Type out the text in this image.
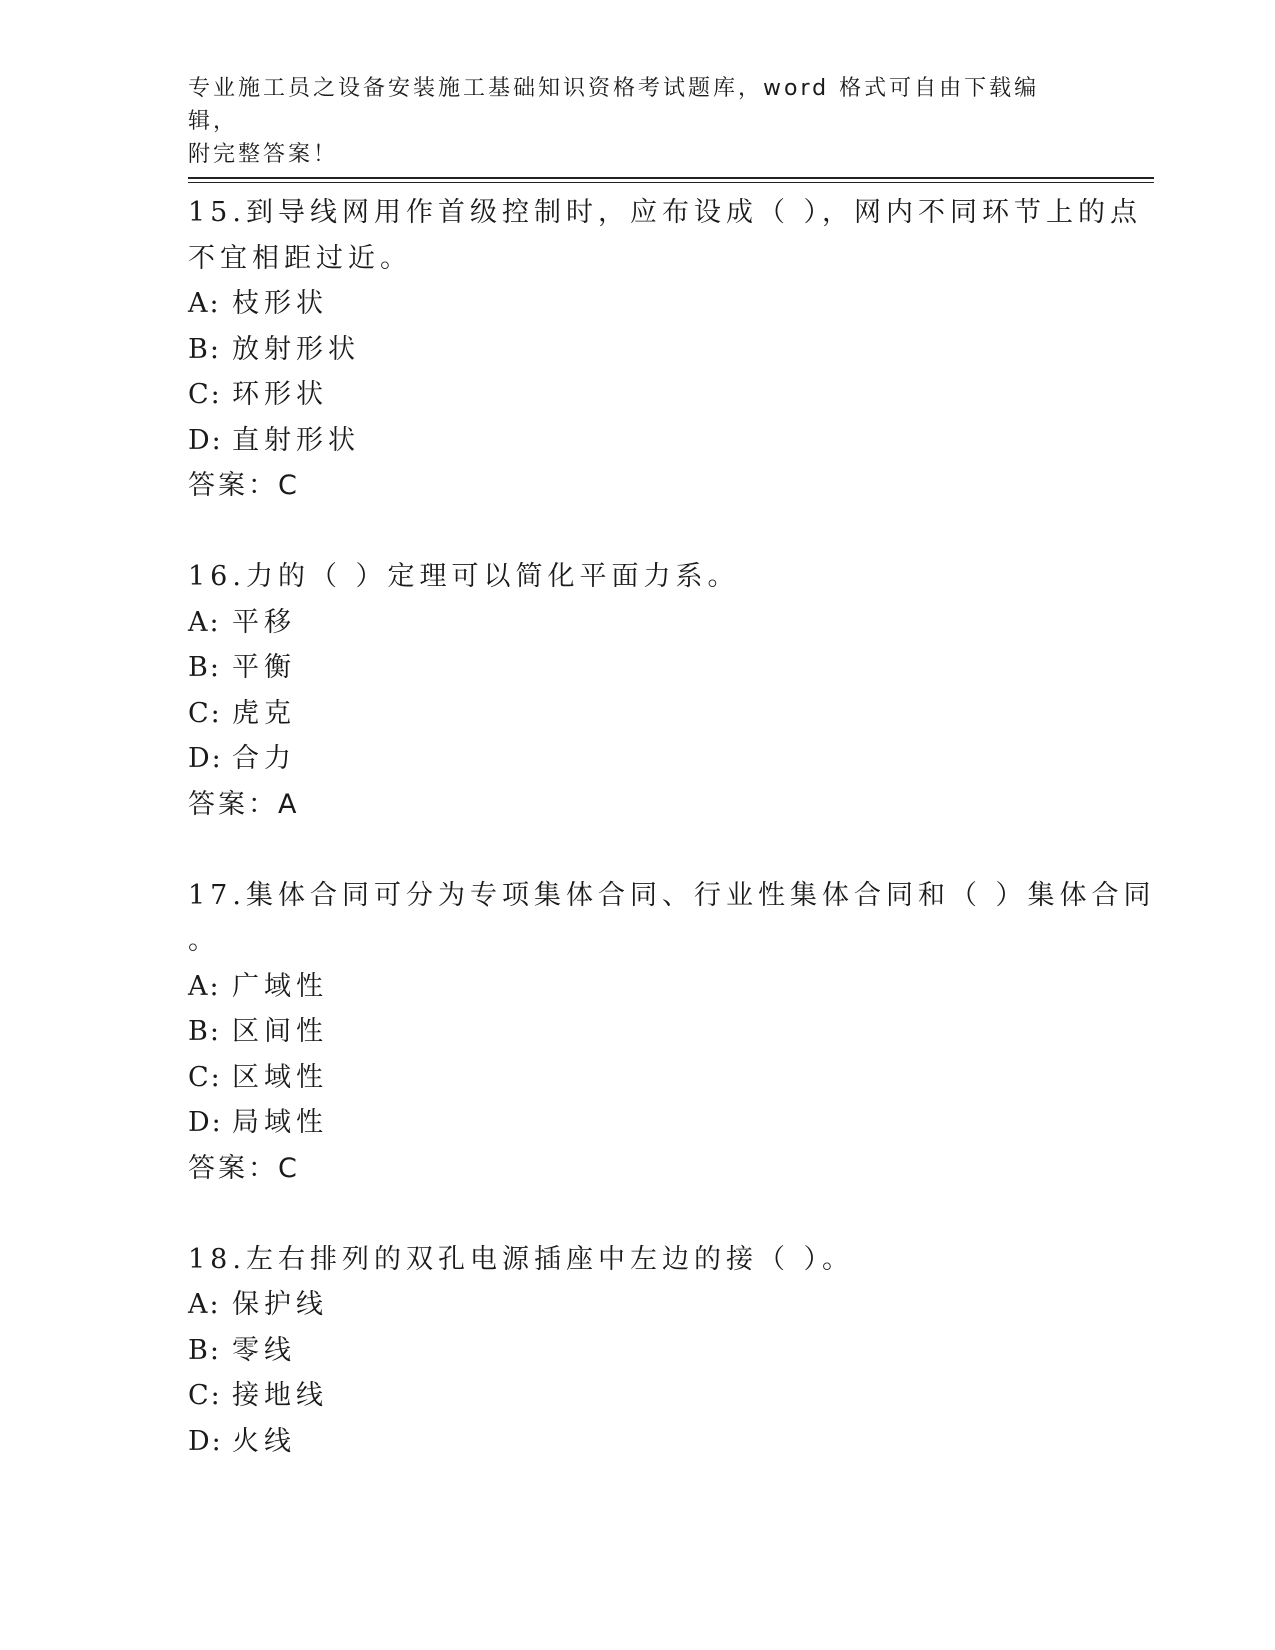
专业施工员之设备安装施工基础知识资格考试题库，word 格式可自由下载编辑，
附完整答案！
15.到导线网用作首级控制时，应布设成（ ），网内不同环节上的点
不宜相距过近。
A: 枝形状
B: 放射形状
C: 环形状
D: 直射形状
答案：C
16.力的（ ）定理可以简化平面力系。
A: 平移
B: 平衡
C: 虎克
D: 合力
答案：A
17.集体合同可分为专项集体合同、行业性集体合同和（ ）集体合同
。
A: 广域性
B: 区间性
C: 区域性
D: 局域性
答案：C
18.左右排列的双孔电源插座中左边的接（ ）。
A: 保护线
B: 零线
C: 接地线
D: 火线
